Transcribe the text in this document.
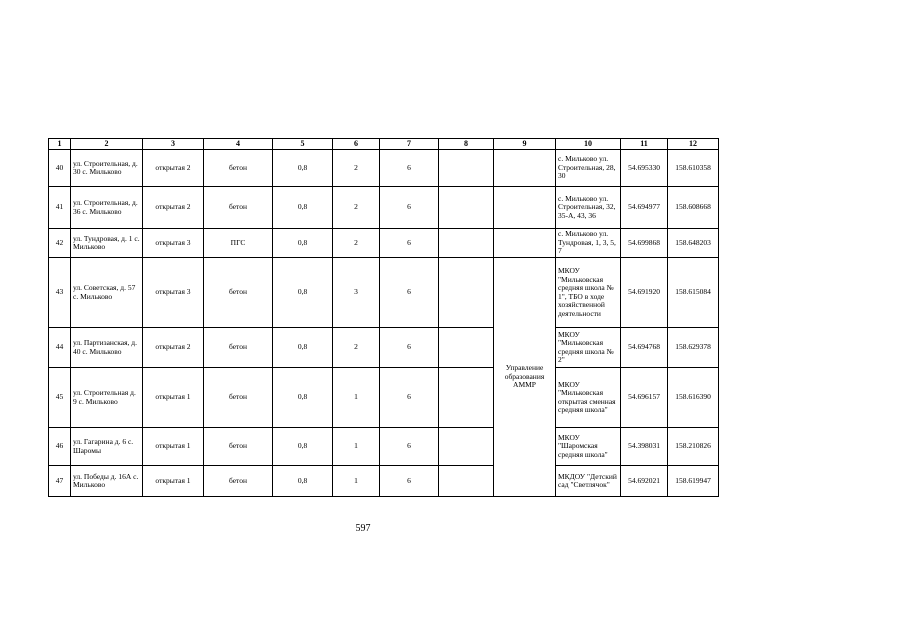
1	2	3	4	5	6	7	8	9	10	11	12
40	ул. Строительная, д. 30 с. Мильково	открытая 2	бетон	0,8	2	6			с. Мильково ул. Строительная, 28, 30	54.695330	158.610358
41	ул. Строительная, д. 36 с. Мильково	открытая 2	бетон	0,8	2	6			с. Мильково ул. Строительная, 32, 35-А, 43, 36	54.694977	158.608668
42	ул. Тундровая, д. 1 с. Мильково	открытая 3	ПГС	0,8	2	6			с. Мильково ул. Тундровая, 1, 3, 5, 7	54.699868	158.648203
43	ул. Советская, д. 57 с. Мильково	открытая 3	бетон	0,8	3	6		Управление образования АММР	МКОУ "Мильковская средняя школа № 1", ТБО в ходе хозяйственной деятельности	54.691920	158.615084
44	ул. Партизанская, д. 40 с. Мильково	открытая 2	бетон	0,8	2	6			МКОУ "Мильковская средняя школа № 2"	54.694768	158.629378
45	ул. Строительная д. 9 с. Мильково	открытая 1	бетон	0,8	1	6			МКОУ "Мильковская открытая сменная средняя школа"	54.696157	158.616390
46	ул. Гагарина д. 6 с. Шаромы	открытая 1	бетон	0,8	1	6			МКОУ "Шаромская средняя школа"	54.398031	158.210826
47	ул. Победы д. 16А с. Мильково	открытая 1	бетон	0,8	1	6			МКДОУ "Детский сад "Светлячок"	54.692021	158.619947
597
